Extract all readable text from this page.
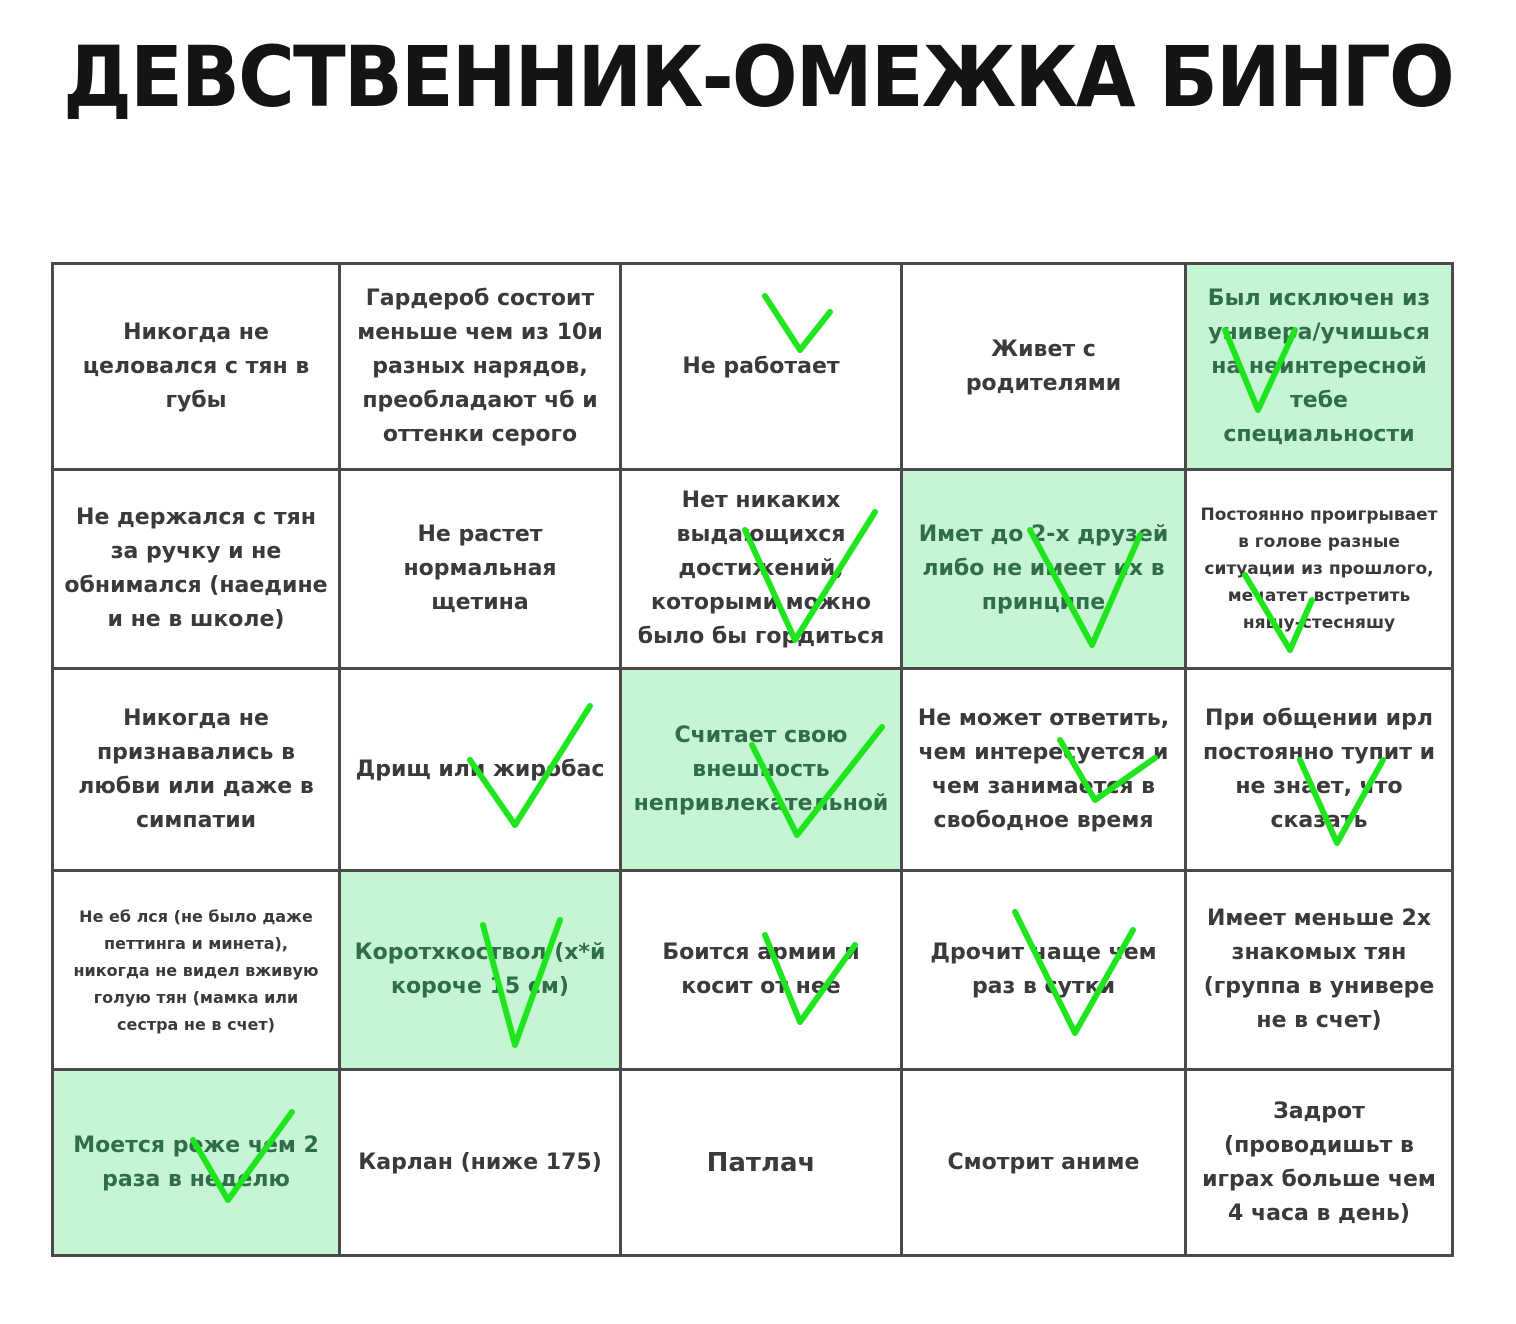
ДЕВСТВЕННИК-ОМЕЖКА БИНГО
Никогда не целовался с тян в губы
Гардероб состоит меньше чем из 10и разных нарядов, преобладают чб и оттенки серого
Не работает
Живет с родителями
Был исключен из универа/учишься на неинтересной тебе специальности
Не держался с тян за ручку и не обнимался (наедине и не в школе)
Не растет нормальная щетина
Нет никаких выдающихся достижений, которыми можно было бы гордиться
Имет до 2-х друзей либо не имеет их в принципе
Постоянно проигрывает в голове разные ситуации из прошлого, мечатет встретить няшу-стесняшу
Никогда не признавались в любви или даже в симпатии
Дрищ или жиробас
Считает свою внешность непривлекательной
Не может ответить, чем интересуется и чем занимается в свободное время
При общении ирл постоянно тупит и не знает, что сказать
Не еб лся (не было даже петтинга и минета), никогда не видел вживую голую тян (мамка или сестра не в счет)
Коротxкоствол (х*й короче 15 см)
Боится армии и косит от нее
Дрочит чаще чем раз в сутки
Имеет меньше 2х знакомых тян (группа в универе не в счет)
Моется реже чем 2 раза в неделю
Карлан (ниже 175)	Патлач	Смотрит аниме
Задрот (проводишьт в играх больше чем 4 часа в день)
